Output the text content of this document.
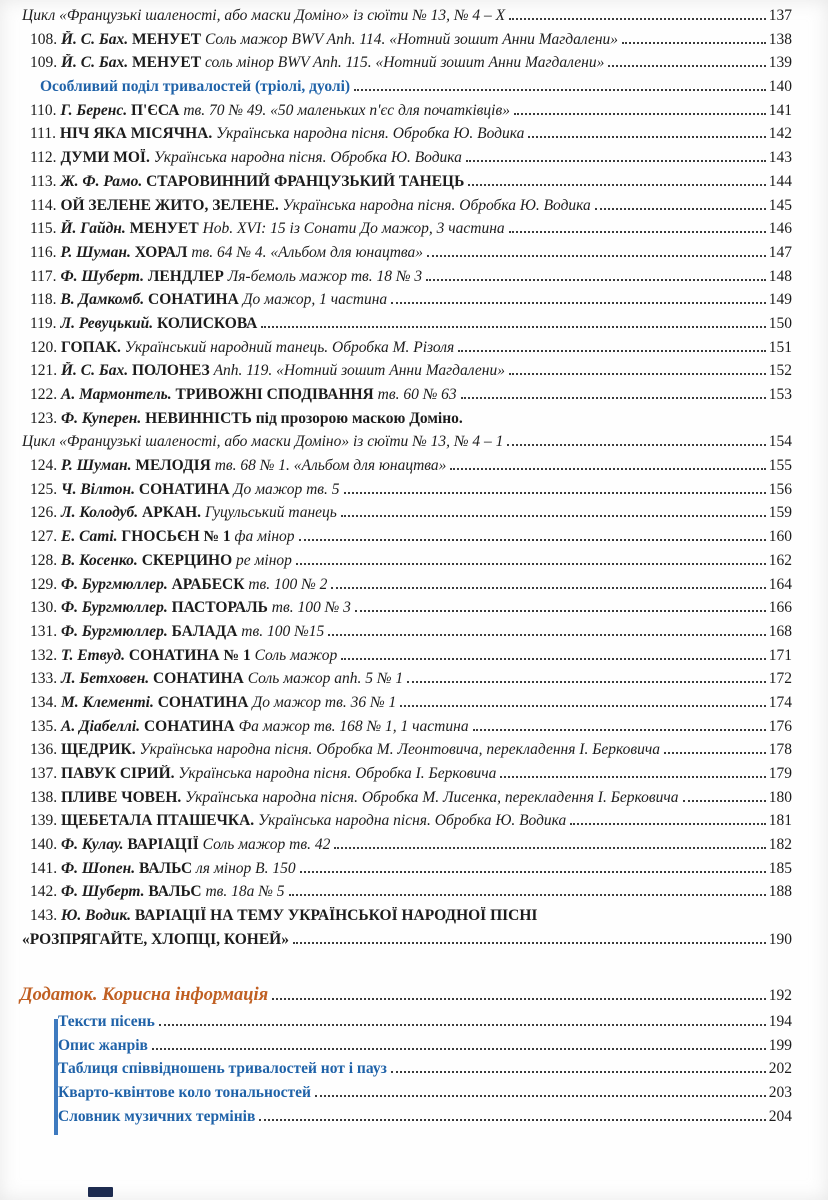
Цикл «Французькі шаленості, або маски Доміно» із сюїти № 13, № 4 – X	137
108. Й. С. Бах. МЕНУЕТ Соль мажор BWV Anh. 114. «Нотний зошит Анни Магдалени»	138
109. Й. С. Бах. МЕНУЕТ соль мінор BWV Anh. 115. «Нотний зошит Анни Магдалени»	139
Особливий поділ тривалостей (тріолі, дуолі)	140
110. Г. Беренс. П'ЄСА тв. 70 № 49. «50 маленьких п'єс для початківців»	141
111. НІЧ ЯКА МІСЯЧНА. Українська народна пісня. Обробка Ю. Водика	142
112. ДУМИ МОЇ. Українська народна пісня. Обробка Ю. Водика	143
113. Ж. Ф. Рамо. СТАРОВИННИЙ ФРАНЦУЗЬКИЙ ТАНЕЦЬ	144
114. ОЙ ЗЕЛЕНЕ ЖИТО, ЗЕЛЕНЕ. Українська народна пісня. Обробка Ю. Водика	145
115. Й. Гайдн. МЕНУЕТ Hob. XVI: 15 із Сонати До мажор, 3 частина	146
116. Р. Шуман. ХОРАЛ тв. 64 № 4. «Альбом для юнацтва»	147
117. Ф. Шуберт. ЛЕНДЛЕР Ля-бемоль мажор тв. 18 № 3	148
118. В. Дамкомб. СОНАТИНА До мажор, 1 частина	149
119. Л. Ревуцький. КОЛИСКОВА	150
120. ГОПАК. Український народний танець. Обробка М. Різоля	151
121. Й. С. Бах. ПОЛОНЕЗ Anh. 119. «Нотний зошит Анни Магдалени»	152
122. А. Мармонтель. ТРИВОЖНІ СПОДІВАННЯ тв. 60 № 63	153
123. Ф. Куперен. НЕВИННІСТЬ під прозорою маскою Доміно.
Цикл «Французькі шаленості, або маски Доміно» із сюїти № 13, № 4 – 1	154
124. Р. Шуман. МЕЛОДІЯ тв. 68 № 1. «Альбом для юнацтва»	155
125. Ч. Вілтон. СОНАТИНА До мажор тв. 5	156
126. Л. Колодуб. АРКАН. Гуцульський танець	159
127. Е. Саті. ГНОСЬЄН № 1 фа мінор	160
128. В. Косенко. СКЕРЦИНО ре мінор	162
129. Ф. Бургмюллер. АРАБЕСК тв. 100 № 2	164
130. Ф. Бургмюллер. ПАСТОРАЛЬ тв. 100 № 3	166
131. Ф. Бургмюллер. БАЛАДА тв. 100 №15	168
132. Т. Етвуд. СОНАТИНА № 1 Соль мажор	171
133. Л. Бетховен. СОНАТИНА Соль мажор anh. 5 № 1	172
134. М. Клементі. СОНАТИНА До мажор тв. 36 № 1	174
135. А. Діабеллі. СОНАТИНА Фа мажор тв. 168 № 1, 1 частина	176
136. ЩЕДРИК. Українська народна пісня. Обробка М. Леонтовича, перекладення І. Берковича	178
137. ПАВУК СІРИЙ. Українська народна пісня. Обробка І. Берковича	179
138. ПЛИВЕ ЧОВЕН. Українська народна пісня. Обробка М. Лисенка, перекладення І. Берковича	180
139. ЩЕБЕТАЛА ПТАШЕЧКА. Українська народна пісня. Обробка Ю. Водика	181
140. Ф. Кулау. ВАРІАЦІЇ Соль мажор тв. 42	182
141. Ф. Шопен. ВАЛЬС ля мінор В. 150	185
142. Ф. Шуберт. ВАЛЬС тв. 18а № 5	188
143. Ю. Водик. ВАРІАЦІЇ НА ТЕМУ УКРАЇНСЬКОЇ НАРОДНОЇ ПІСНІ
«РОЗПРЯГАЙТЕ, ХЛОПЦІ, КОНЕЙ»	190
Додаток. Корисна інформація	192
Тексти пісень	194
Опис жанрів	199
Таблиця співвідношень тривалостей нот і пауз	202
Кварто-квінтове коло тональностей	203
Словник музичних термінів	204
